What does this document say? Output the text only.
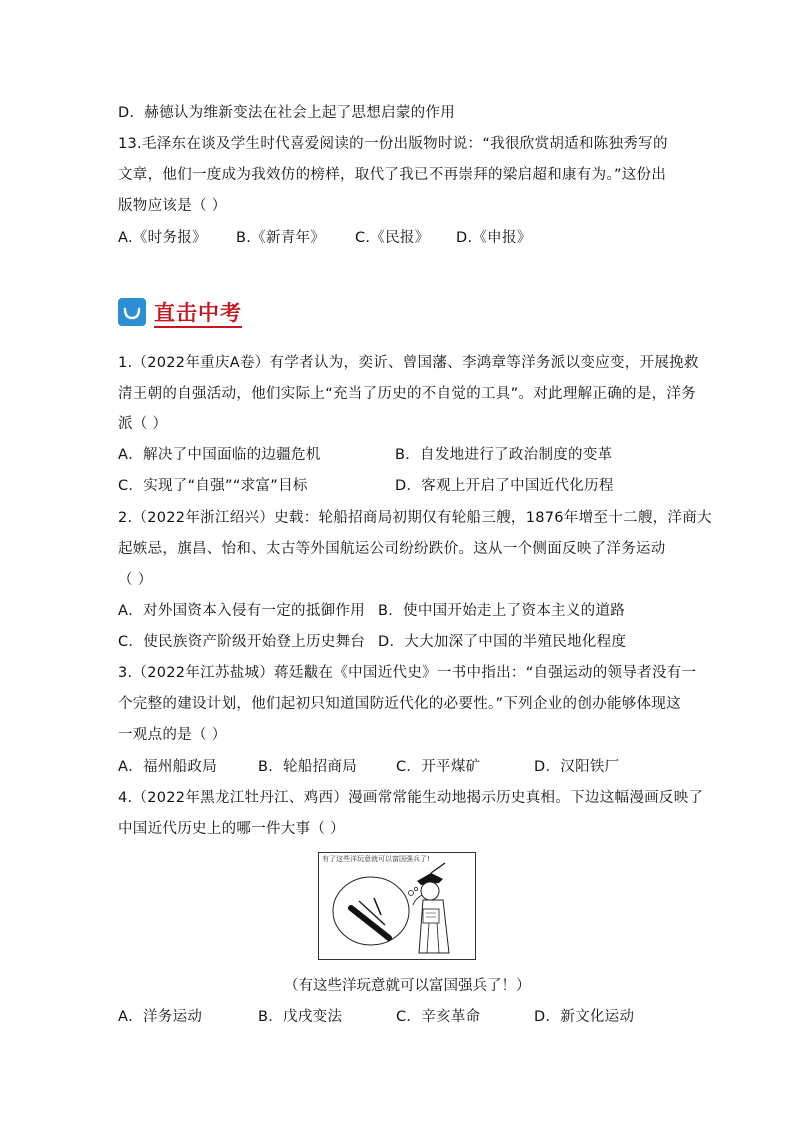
D．赫德认为维新变法在社会上起了思想启蒙的作用
13.毛泽东在谈及学生时代喜爱阅读的一份出版物时说：“我很欣赏胡适和陈独秀写的
文章，他们一度成为我效仿的榜样，取代了我已不再崇拜的梁启超和康有为。”这份出
版物应该是（ ）
A.《时务报》 B.《新青年》 C.《民报》 D.《申报》
直击中考
1.（2022年重庆A卷）有学者认为，奕䜣、曾国藩、李鸿章等洋务派以变应变，开展挽救
清王朝的自强活动，他们实际上“充当了历史的不自觉的工具”。对此理解正确的是，洋务
派（ ）
A．解决了中国面临的边疆危机	B．自发地进行了政治制度的变革
C．实现了“自强”“求富”目标	D．客观上开启了中国近代化历程
2.（2022年浙江绍兴）史载：轮船招商局初期仅有轮船三艘，1876年增至十二艘，洋商大
起嫉忌，旗昌、怡和、太古等外国航运公司纷纷跌价。这从一个侧面反映了洋务运动
（ ）
A．对外国资本入侵有一定的抵御作用 B．使中国开始走上了资本主义的道路
C．使民族资产阶级开始登上历史舞台 D．大大加深了中国的半殖民地化程度
3.（2022年江苏盐城）蒋廷黻在《中国近代史》一书中指出：“自强运动的领导者没有一
个完整的建设计划，他们起初只知道国防近代化的必要性。”下列企业的创办能够体现这
一观点的是（ ）
A．福州船政局	B．轮船招商局	C．开平煤矿	D．汉阳铁厂
4.（2022年黑龙江牡丹江、鸡西）漫画常常能生动地揭示历史真相。下边这幅漫画反映了
中国近代历史上的哪一件大事（ ）
有了这些洋玩意就可以富国强兵了!
（有这些洋玩意就可以富国强兵了！）
A．洋务运动	B．戊戌变法	C．辛亥革命	D．新文化运动
